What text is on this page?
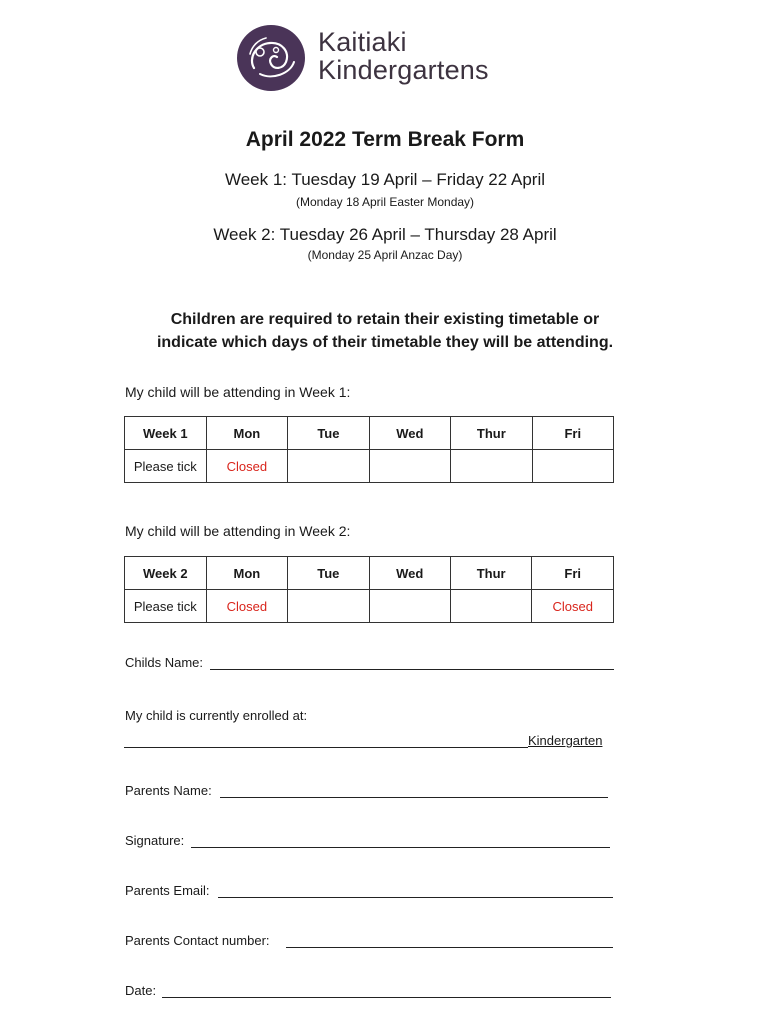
Kaitiaki
Kindergartens
April 2022 Term Break Form
Week 1: Tuesday 19 April – Friday 22 April
(Monday 18 April Easter Monday)
Week 2: Tuesday 26 April – Thursday 28 April
(Monday 25 April Anzac Day)
Children are required to retain their existing timetable or
indicate which days of their timetable they will be attending.
My child will be attending in Week 1:
Week 1	Mon	Tue	Wed	Thur	Fri
Please tick	Closed				
My child will be attending in Week 2:
Week 2	Mon	Tue	Wed	Thur	Fri
Please tick	Closed				Closed
Childs Name:
My child is currently enrolled at:
Kindergarten
Parents Name:
Signature:
Parents Email:
Parents Contact number:
Date:
